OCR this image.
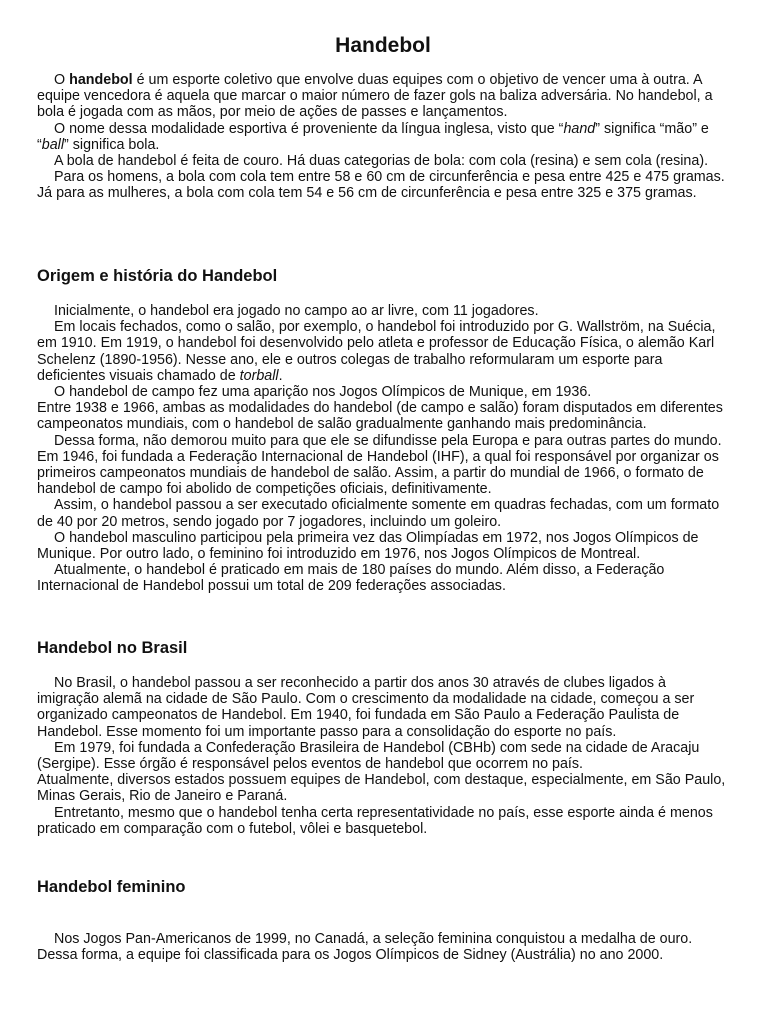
Handebol

O handebol é um esporte coletivo que envolve duas equipes com o objetivo de vencer uma à outra. A equipe vencedora é aquela que marcar o maior número de fazer gols na baliza adversária. No handebol, a bola é jogada com as mãos, por meio de ações de passes e lançamentos.

O nome dessa modalidade esportiva é proveniente da língua inglesa, visto que “hand” significa “mão” e “ball” significa bola.

A bola de handebol é feita de couro. Há duas categorias de bola: com cola (resina) e sem cola (resina).

Para os homens, a bola com cola tem entre 58 e 60 cm de circunferência e pesa entre 425 e 475 gramas. Já para as mulheres, a bola com cola tem 54 e 56 cm de circunferência e pesa entre 325 e 375 gramas.

Origem e história do Handebol

Inicialmente, o handebol era jogado no campo ao ar livre, com 11 jogadores.

Em locais fechados, como o salão, por exemplo, o handebol foi introduzido por G. Wallström, na Suécia, em 1910. Em 1919, o handebol foi desenvolvido pelo atleta e professor de Educação Física, o alemão Karl Schelenz (1890-1956). Nesse ano, ele e outros colegas de trabalho reformularam um esporte para deficientes visuais chamado de torball.

O handebol de campo fez uma aparição nos Jogos Olímpicos de Munique, em 1936.

Entre 1938 e 1966, ambas as modalidades do handebol (de campo e salão) foram disputados em diferentes campeonatos mundiais, com o handebol de salão gradualmente ganhando mais predominância.

Dessa forma, não demorou muito para que ele se difundisse pela Europa e para outras partes do mundo. Em 1946, foi fundada a Federação Internacional de Handebol (IHF), a qual foi responsável por organizar os primeiros campeonatos mundiais de handebol de salão. Assim, a partir do mundial de 1966, o formato de handebol de campo foi abolido de competições oficiais, definitivamente.

Assim, o handebol passou a ser executado oficialmente somente em quadras fechadas, com um formato de 40 por 20 metros, sendo jogado por 7 jogadores, incluindo um goleiro.

O handebol masculino participou pela primeira vez das Olimpíadas em 1972, nos Jogos Olímpicos de Munique. Por outro lado, o feminino foi introduzido em 1976, nos Jogos Olímpicos de Montreal.

Atualmente, o handebol é praticado em mais de 180 países do mundo. Além disso, a Federação Internacional de Handebol possui um total de 209 federações associadas.

Handebol no Brasil

No Brasil, o handebol passou a ser reconhecido a partir dos anos 30 através de clubes ligados à imigração alemã na cidade de São Paulo. Com o crescimento da modalidade na cidade, começou a ser organizado campeonatos de Handebol. Em 1940, foi fundada em São Paulo a Federação Paulista de Handebol. Esse momento foi um importante passo para a consolidação do esporte no país.

Em 1979, foi fundada a Confederação Brasileira de Handebol (CBHb) com sede na cidade de Aracaju (Sergipe). Esse órgão é responsável pelos eventos de handebol que ocorrem no país.

Atualmente, diversos estados possuem equipes de Handebol, com destaque, especialmente, em São Paulo, Minas Gerais, Rio de Janeiro e Paraná.

Entretanto, mesmo que o handebol tenha certa representatividade no país, esse esporte ainda é menos praticado em comparação com o futebol, vôlei e basquetebol.

Handebol feminino

Nos Jogos Pan-Americanos de 1999, no Canadá, a seleção feminina conquistou a medalha de ouro. Dessa forma, a equipe foi classificada para os Jogos Olímpicos de Sidney (Austrália) no ano 2000.
